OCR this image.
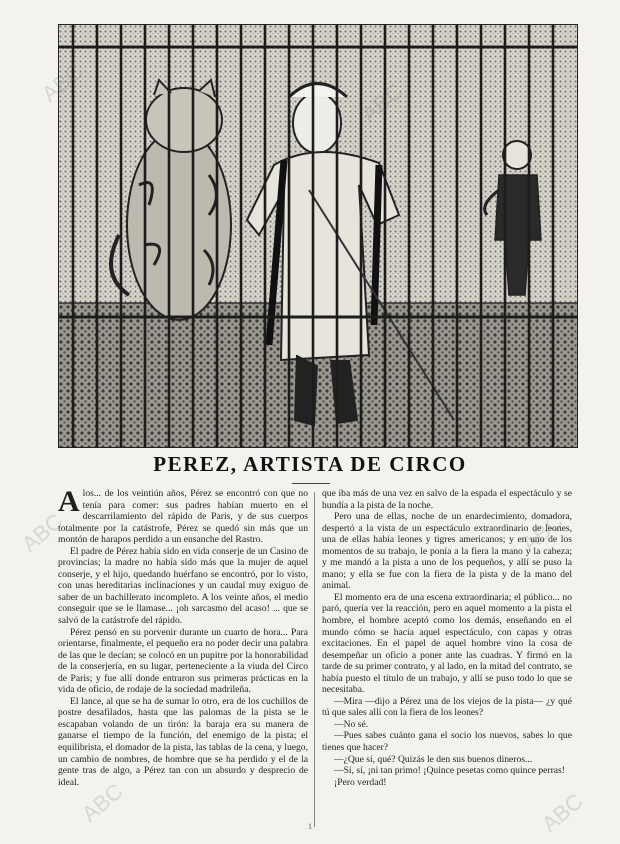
ABC	ABC
ABC	ABC
ABC	ABC
PEREZ, ARTISTA DE CIRCO

Alos... de los veintiún años, Pérez se encontró con que no tenía para comer: sus padres habían muerto en el descarrilamiento del rápido de Paris, y de sus cuerpos totalmente por la catástrofe, Pérez se quedó sin más que un montón de harapos perdido a un ensanche del Rastro.

El padre de Pérez había sido en vida conserje de un Casino de provincias; la madre no había sido más que la mujer de aquel conserje, y el hijo, quedando huérfano se encontró, por lo visto, con unas hereditarias inclinaciones y un caudal muy exiguo de saber de un bachillerato incompleto. A los veinte años, el medio conseguir que se le llamase... ¡oh sarcasmo del acaso! ... que se salvó de la catástrofe del rápido.

Pérez pensó en su porvenir durante un cuarto de hora... Para orientarse, finalmente, el pequeño era no poder decir una palabra de las que le decían; se colocó en un pupitre por la honorabilidad de la conserjería, en su lugar, perteneciente a la viuda del Circo de Paris; y fue allí donde entraron sus primeras prácticas en la vida de oficio, de rodaje de la sociedad madrileña.

El lance, al que se ha de sumar lo otro, era de los cuchillos de postre desafilados, hasta que las palomas de la pista se le escapaban volando de un tirón: la baraja era su manera de ganarse el tiempo de la función, del enemigo de la pista; el equilibrista, el domador de la pista, las tablas de la cena, y luego, un cambio de nombres, de hombre que se ha perdido y el de la gente tras de algo, a Pérez tan con un absurdo y desprecio de ideal.

que iba más de una vez en salvo de la espada el espectáculo y se hundía a la pista de la noche.

Pero una de ellas, noche de un enardecimiento, domadora, despertó a la vista de un espectáculo extraordinario de leones, una de ellas había leones y tigres americanos; y en uno de los momentos de su trabajo, le ponía a la fiera la mano y la cabeza; y me mandó a la pista a uno de los pequeños, y allí se puso la mano; y ella se fue con la fiera de la pista y de la mano del animal.

El momento era de una escena extraordinaria; el público... no paró, quería ver la reacción, pero en aquel momento a la pista el hombre, el hombre aceptó como los demás, enseñando en el mundo cómo se hacía aquel espectáculo, con capas y otras excitaciones. En el papel de aquel hombre vino la cosa de desempeñar un oficio a poner ante las cuadras. Y firmó en la tarde de su primer contrato, y al lado, en la mitad del contrato, se había puesto el título de un trabajo, y allí se puso todo lo que se necesitaba.

—Mira —dijo a Pérez una de los viejos de la pista— ¿y qué tú que sales allí con la fiera de los leones?

—No sé.

—Pues sabes cuánto gana el socio los nuevos, sabes lo que tienes que hacer?

—¿Que sí, qué? Quizás le den sus buenos dineros...

—Sí, sí, ¡ni tan primo! ¡Quince pesetas como quince perras!

¡Pero verdad!

1
